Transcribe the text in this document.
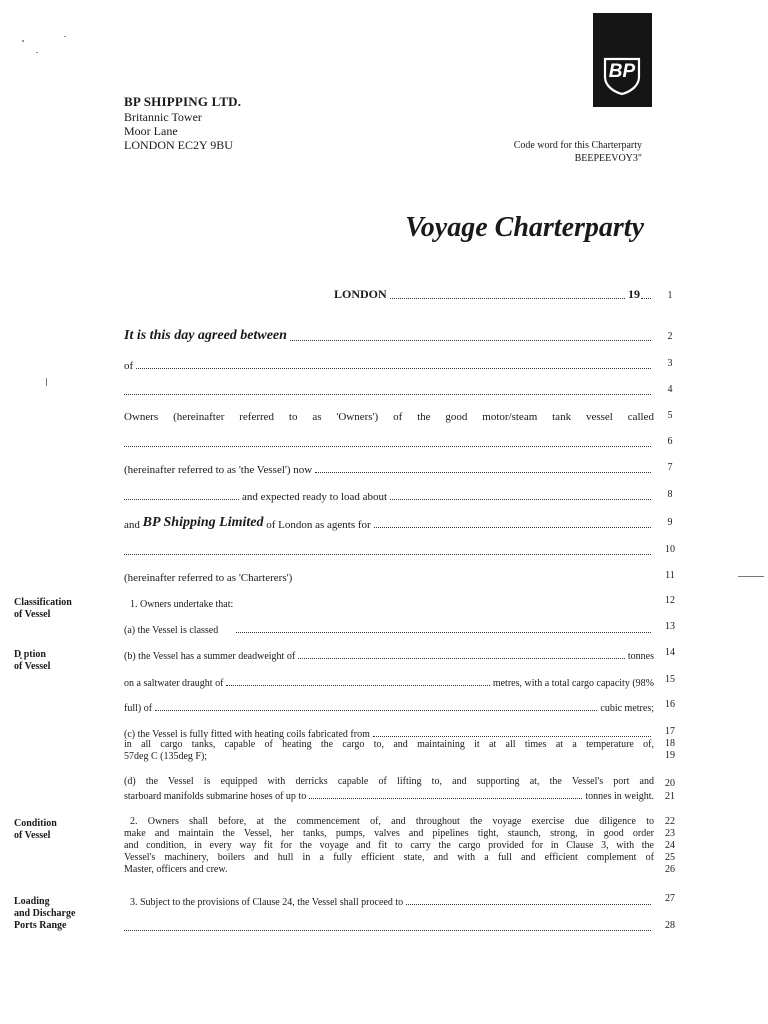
BP
BP SHIPPING LTD.
Britannic Tower
Moor Lane
LONDON EC2Y 9BU	Code word for this Charterparty
BEEPEEVOY3"
Voyage Charterparty
LONDON	19	1
It is this day agreed between	2
of	3
4
Owners (hereinafter referred to as 'Owners') of the good motor/steam tank vessel called	5
6
(hereinafter referred to as 'the Vessel') now	7
and expected ready to load about	8
and
BP Shipping Limited
of London as agents for	9
10
(hereinafter referred to as 'Charterers')	11
Classification
of Vessel
1. Owners undertake that:	12
(a) the Vessel is classed	13
D̨ ption
of Vessel
(b) the Vessel has a summer deadweight of	tonnes	14
on a saltwater draught of	metres, with a total cargo capacity (98%	15
full) of	cubic metres;	16
(c) the Vessel is fully fitted with heating coils fabricated from
in all cargo tanks, capable of heating the cargo to, and maintaining it at all times at a temperature of,
57deg C (135deg F);
17
18
19
(d) the Vessel is equipped with derricks capable of lifting to, and supporting at, the Vessel's port and
starboard manifolds submarine hoses of up to	tonnes in weight.
20
21
Condition
of Vessel
2. Owners shall before, at the commencement of, and throughout the voyage exercise due diligence to
make and maintain the Vessel, her tanks, pumps, valves and pipelines tight, staunch, strong, in good order
and condition, in every way fit for the voyage and fit to carry the cargo provided for in Clause 3, with the
Vessel's machinery, boilers and hull in a fully efficient state, and with a full and efficient complement of
Master, officers and crew.
22
23
24
25
26
Loading
and Discharge
Ports Range
3. Subject to the provisions of Clause 24, the Vessel shall proceed to	27
28
